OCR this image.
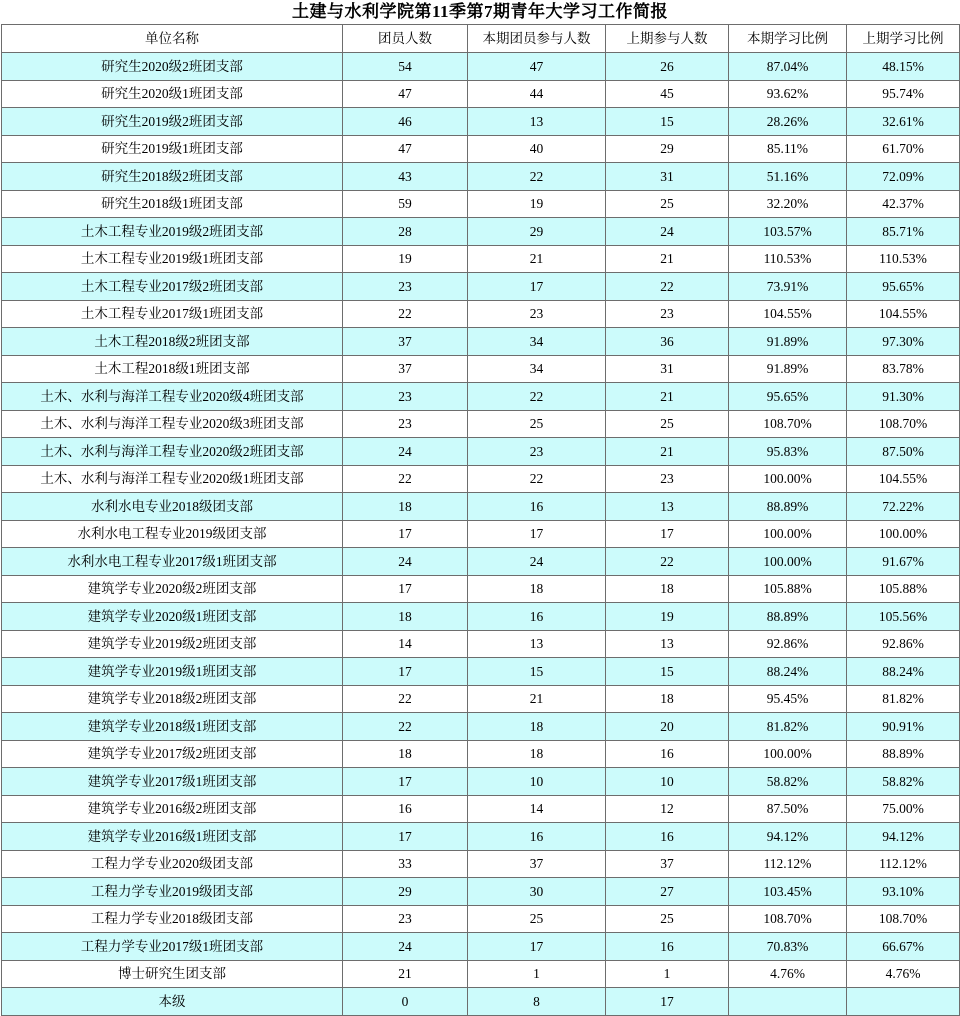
土建与水利学院第11季第7期青年大学习工作简报
单位名称	团员人数	本期团员参与人数	上期参与人数	本期学习比例	上期学习比例
研究生2020级2班团支部	54	47	26	87.04%	48.15%
研究生2020级1班团支部	47	44	45	93.62%	95.74%
研究生2019级2班团支部	46	13	15	28.26%	32.61%
研究生2019级1班团支部	47	40	29	85.11%	61.70%
研究生2018级2班团支部	43	22	31	51.16%	72.09%
研究生2018级1班团支部	59	19	25	32.20%	42.37%
土木工程专业2019级2班团支部	28	29	24	103.57%	85.71%
土木工程专业2019级1班团支部	19	21	21	110.53%	110.53%
土木工程专业2017级2班团支部	23	17	22	73.91%	95.65%
土木工程专业2017级1班团支部	22	23	23	104.55%	104.55%
土木工程2018级2班团支部	37	34	36	91.89%	97.30%
土木工程2018级1班团支部	37	34	31	91.89%	83.78%
土木、水利与海洋工程专业2020级4班团支部	23	22	21	95.65%	91.30%
土木、水利与海洋工程专业2020级3班团支部	23	25	25	108.70%	108.70%
土木、水利与海洋工程专业2020级2班团支部	24	23	21	95.83%	87.50%
土木、水利与海洋工程专业2020级1班团支部	22	22	23	100.00%	104.55%
水利水电专业2018级团支部	18	16	13	88.89%	72.22%
水利水电工程专业2019级团支部	17	17	17	100.00%	100.00%
水利水电工程专业2017级1班团支部	24	24	22	100.00%	91.67%
建筑学专业2020级2班团支部	17	18	18	105.88%	105.88%
建筑学专业2020级1班团支部	18	16	19	88.89%	105.56%
建筑学专业2019级2班团支部	14	13	13	92.86%	92.86%
建筑学专业2019级1班团支部	17	15	15	88.24%	88.24%
建筑学专业2018级2班团支部	22	21	18	95.45%	81.82%
建筑学专业2018级1班团支部	22	18	20	81.82%	90.91%
建筑学专业2017级2班团支部	18	18	16	100.00%	88.89%
建筑学专业2017级1班团支部	17	10	10	58.82%	58.82%
建筑学专业2016级2班团支部	16	14	12	87.50%	75.00%
建筑学专业2016级1班团支部	17	16	16	94.12%	94.12%
工程力学专业2020级团支部	33	37	37	112.12%	112.12%
工程力学专业2019级团支部	29	30	27	103.45%	93.10%
工程力学专业2018级团支部	23	25	25	108.70%	108.70%
工程力学专业2017级1班团支部	24	17	16	70.83%	66.67%
博士研究生团支部	21	1	1	4.76%	4.76%
本级	0	8	17		
